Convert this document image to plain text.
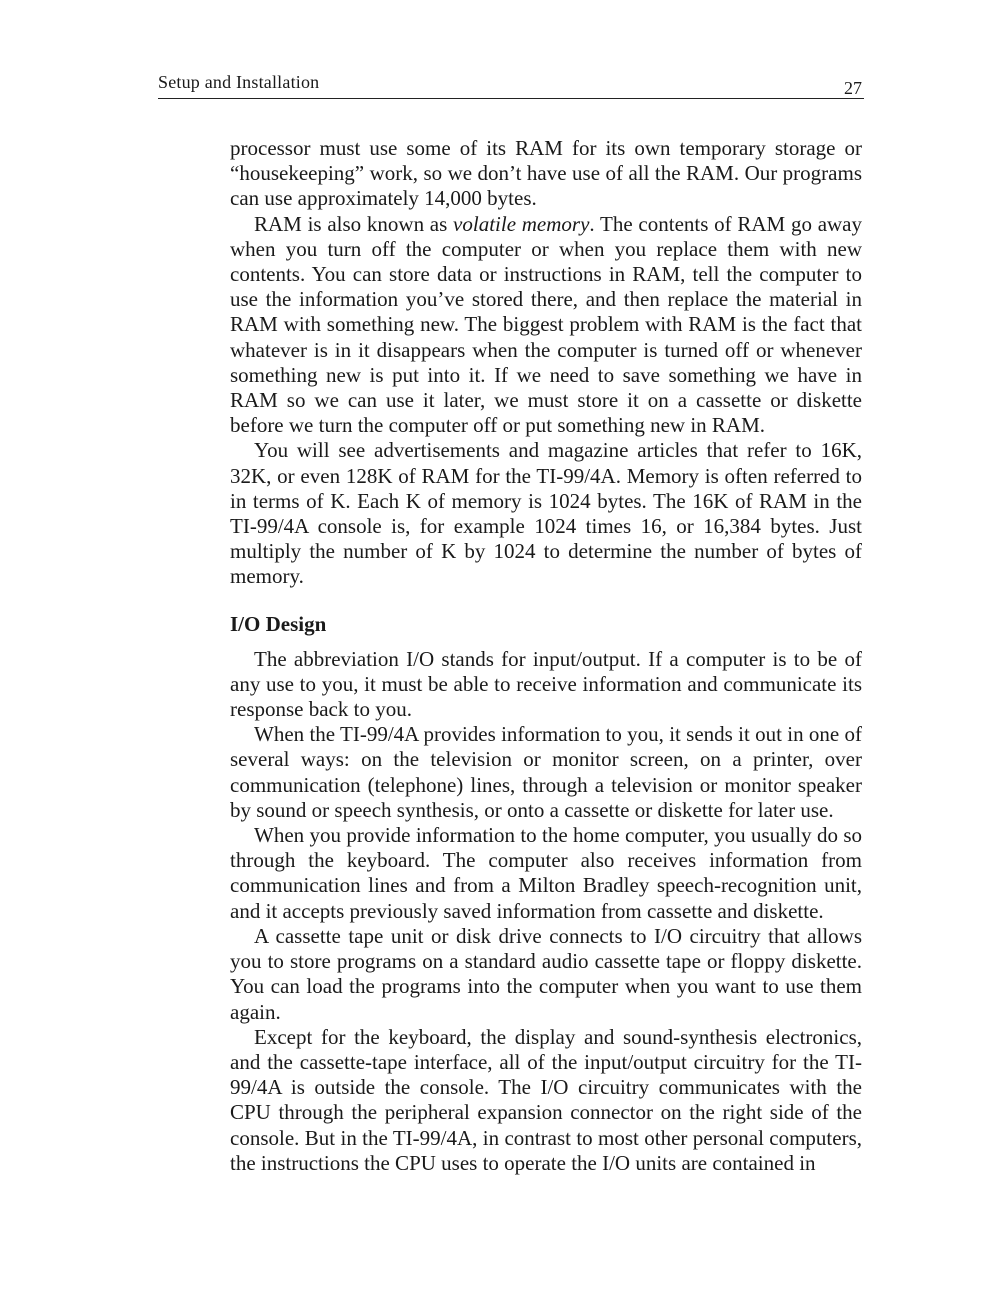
Setup and Installation	27

processor must use some of its RAM for its own temporary storage or “housekeeping” work, so we don’t have use of all the RAM. Our programs can use approximately 14,000 bytes.

RAM is also known as volatile memory. The contents of RAM go away when you turn off the computer or when you replace them with new contents. You can store data or instructions in RAM, tell the computer to use the information you’ve stored there, and then replace the material in RAM with something new. The biggest problem with RAM is the fact that whatever is in it disappears when the computer is turned off or whenever something new is put into it. If we need to save something we have in RAM so we can use it later, we must store it on a cassette or diskette before we turn the computer off or put something new in RAM.

You will see advertisements and magazine articles that refer to 16K, 32K, or even 128K of RAM for the TI-99/4A. Memory is often referred to in terms of K. Each K of memory is 1024 bytes. The 16K of RAM in the TI-99/4A console is, for example 1024 times 16, or 16,384 bytes. Just multiply the number of K by 1024 to determine the number of bytes of memory.

I/O Design

The abbreviation I/O stands for input/output. If a computer is to be of any use to you, it must be able to receive information and communicate its response back to you.

When the TI-99/4A provides information to you, it sends it out in one of several ways: on the television or monitor screen, on a printer, over communication (telephone) lines, through a television or monitor speaker by sound or speech synthesis, or onto a cassette or diskette for later use.

When you provide information to the home computer, you usually do so through the keyboard. The computer also receives information from communication lines and from a Milton Bradley speech-recognition unit, and it accepts previously saved information from cassette and diskette.

A cassette tape unit or disk drive connects to I/O circuitry that allows you to store programs on a standard audio cassette tape or floppy diskette. You can load the programs into the computer when you want to use them again.

Except for the keyboard, the display and sound-synthesis electronics, and the cassette-tape interface, all of the input/output circuitry for the TI-99/4A is outside the console. The I/O circuitry communicates with the CPU through the peripheral expansion connector on the right side of the console. But in the TI-99/4A, in contrast to most other personal computers, the instructions the CPU uses to operate the I/O units are contained in
